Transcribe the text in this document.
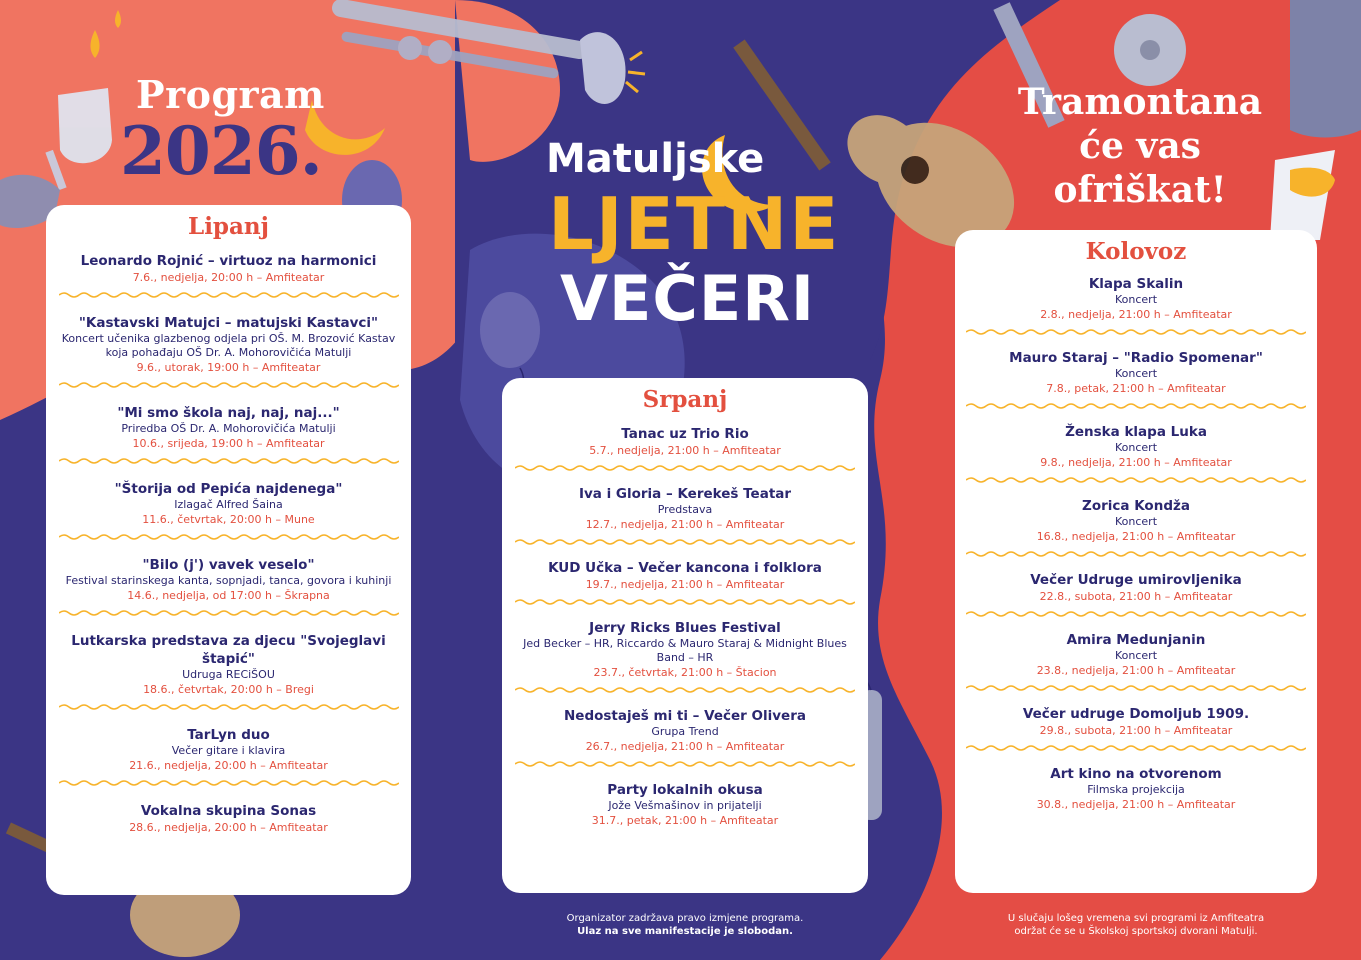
Program
2026.	Matuljske
LJETNE
VEČERI
Tramontana
će vas
ofriškat!
Lipanj
Leonardo Rojnić – virtuoz na harmonici
7.6., nedjelja, 20:00 h – Amfiteatar
"Kastavski Matujci – matujski Kastavci"
Koncert učenika glazbenog odjela pri OŠ. M. Brozović Kastav koja pohađaju OŠ Dr. A. Mohorovičića Matulji
9.6., utorak, 19:00 h – Amfiteatar
"Mi smo škola naj, naj, naj..."
Priredba OŠ Dr. A. Mohorovičića Matulji
10.6., srijeda, 19:00 h – Amfiteatar
"Štorija od Pepića najdenega"
Izlagač Alfred Šaina
11.6., četvrtak, 20:00 h – Mune
"Bilo (j') vavek veselo"
Festival starinskega kanta, sopnjadi, tanca, govora i kuhinji
14.6., nedjelja, od 17:00 h – Škrapna
Lutkarska predstava za djecu "Svojeglavi štapić"
Udruga RECiŠOU
18.6., četvrtak, 20:00 h – Bregi
TarLyn duo
Večer gitare i klavira
21.6., nedjelja, 20:00 h – Amfiteatar
Vokalna skupina Sonas
28.6., nedjelja, 20:00 h – Amfiteatar
Srpanj
Tanac uz Trio Rio
5.7., nedjelja, 21:00 h – Amfiteatar
Iva i Gloria – Kerekeš Teatar
Predstava
12.7., nedjelja, 21:00 h – Amfiteatar
KUD Učka – Večer kancona i folklora
19.7., nedjelja, 21:00 h – Amfiteatar
Jerry Ricks Blues Festival
Jed Becker – HR, Riccardo & Mauro Staraj & Midnight Blues Band – HR
23.7., četvrtak, 21:00 h – Štacion
Nedostaješ mi ti – Večer Olivera
Grupa Trend
26.7., nedjelja, 21:00 h – Amfiteatar
Party lokalnih okusa
Jože Vešmašinov in prijatelji
31.7., petak, 21:00 h – Amfiteatar
Kolovoz
Klapa Skalin
Koncert
2.8., nedjelja, 21:00 h – Amfiteatar
Mauro Staraj – "Radio Spomenar"
Koncert
7.8., petak, 21:00 h – Amfiteatar
Ženska klapa Luka
Koncert
9.8., nedjelja, 21:00 h – Amfiteatar
Zorica Kondža
Koncert
16.8., nedjelja, 21:00 h – Amfiteatar
Večer Udruge umirovljenika
22.8., subota, 21:00 h – Amfiteatar
Amira Medunjanin
Koncert
23.8., nedjelja, 21:00 h – Amfiteatar
Večer udruge Domoljub 1909.
29.8., subota, 21:00 h – Amfiteatar
Art kino na otvorenom
Filmska projekcija
30.8., nedjelja, 21:00 h – Amfiteatar
Organizator zadržava pravo izmjene programa.
Ulaz na sve manifestacije je slobodan.
U slučaju lošeg vremena svi programi iz Amfiteatra
održat će se u Školskoj sportskoj dvorani Matulji.
